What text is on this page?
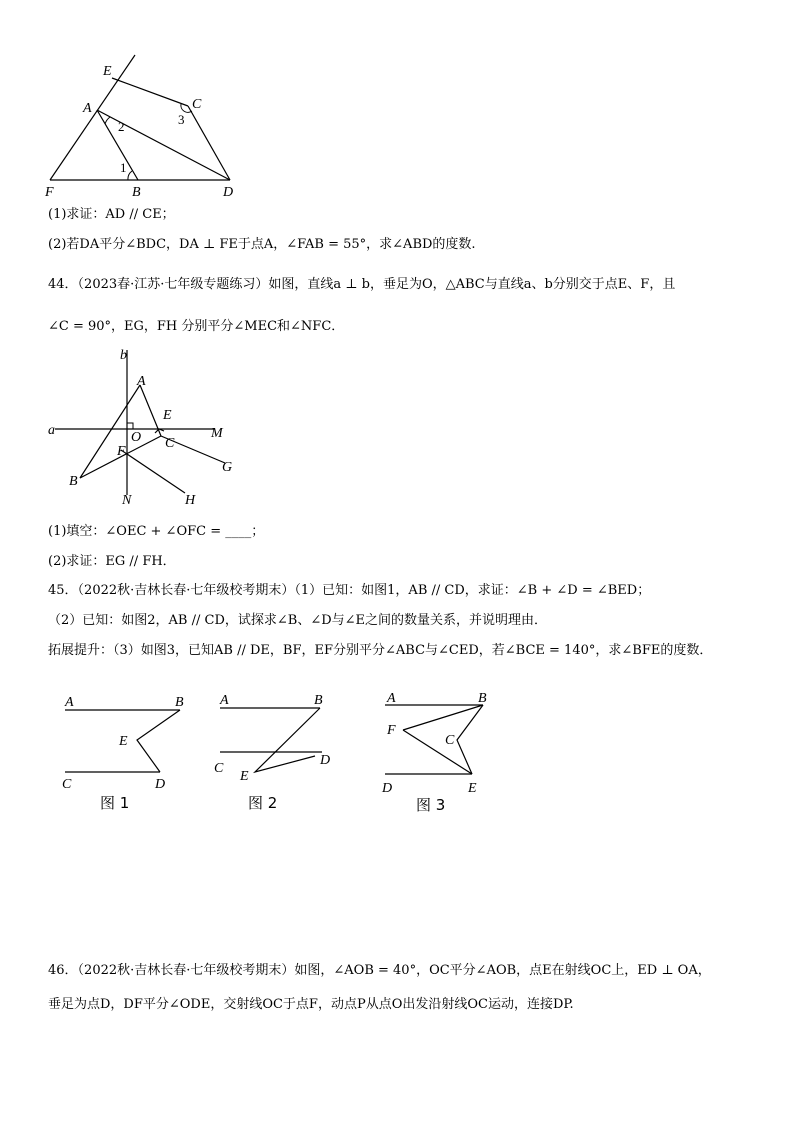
E
A	C
F	B	D
2
1
3
(1)求证：AD // CE；
(2)若DA平分∠BDC，DA ⊥ FE于点A，∠FAB = 55°，求∠ABD的度数.
44．（2023春·江苏·七年级专题练习）如图，直线a ⊥ b，垂足为O，△ABC与直线a、b分别交于点E、F，且
∠C = 90°，EG，FH 分别平分∠MEC和∠NFC．
b
A
E
a	O C
M
F
G
B
N	H
(1)填空：∠OEC + ∠OFC = ____；
(2)求证：EG // FH．
45．（2022秋·吉林长春·七年级校考期末）（1）已知：如图1，AB // CD，求证：∠B + ∠D = ∠BED；
（2）已知：如图2，AB // CD，试探求∠B、∠D与∠E之间的数量关系，并说明理由．
拓展提升：（3）如图3，已知AB // DE，BF，EF分别平分∠ABC与∠CED，若∠BCE = 140°，求∠BFE的度数．
A	B
E
C	D
图 1
A	B
C
D
E
图 2
A	B
F
C
D	E
图 3
46．（2022秋·吉林长春·七年级校考期末）如图，∠AOB = 40°，OC平分∠AOB，点E在射线OC上，ED ⊥ OA，
垂足为点D，DF平分∠ODE，交射线OC于点F，动点P从点O出发沿射线OC运动，连接DP.
